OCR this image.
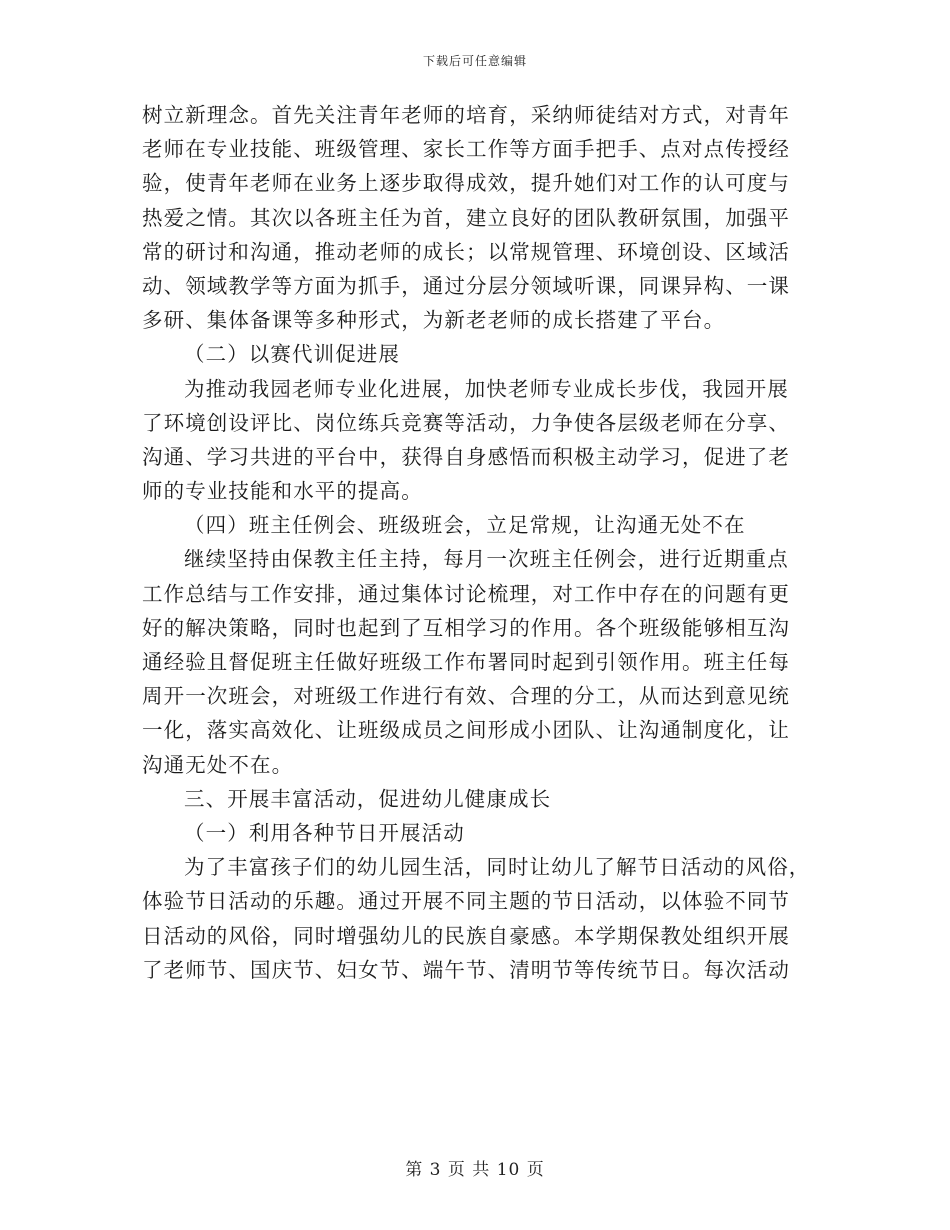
下载后可任意编辑
树立新理念。首先关注青年老师的培育，采纳师徒结对方式，对青年
老师在专业技能、班级管理、家长工作等方面手把手、点对点传授经
验，使青年老师在业务上逐步取得成效，提升她们对工作的认可度与
热爱之情。其次以各班主任为首，建立良好的团队教研氛围，加强平
常的研讨和沟通，推动老师的成长；以常规管理、环境创设、区域活
动、领域教学等方面为抓手，通过分层分领域听课，同课异构、一课
多研、集体备课等多种形式，为新老老师的成长搭建了平台。
（二）以赛代训促进展
为推动我园老师专业化进展，加快老师专业成长步伐，我园开展
了环境创设评比、岗位练兵竞赛等活动，力争使各层级老师在分享、
沟通、学习共进的平台中，获得自身感悟而积极主动学习，促进了老
师的专业技能和水平的提高。
（四）班主任例会、班级班会，立足常规，让沟通无处不在
继续坚持由保教主任主持，每月一次班主任例会，进行近期重点
工作总结与工作安排，通过集体讨论梳理，对工作中存在的问题有更
好的解决策略，同时也起到了互相学习的作用。各个班级能够相互沟
通经验且督促班主任做好班级工作布署同时起到引领作用。班主任每
周开一次班会，对班级工作进行有效、合理的分工，从而达到意见统
一化，落实高效化、让班级成员之间形成小团队、让沟通制度化，让
沟通无处不在。
三、开展丰富活动，促进幼儿健康成长
（一）利用各种节日开展活动
为了丰富孩子们的幼儿园生活，同时让幼儿了解节日活动的风俗，
体验节日活动的乐趣。通过开展不同主题的节日活动，以体验不同节
日活动的风俗，同时增强幼儿的民族自豪感。本学期保教处组织开展
了老师节、国庆节、妇女节、端午节、清明节等传统节日。每次活动
第 3 页 共 10 页
